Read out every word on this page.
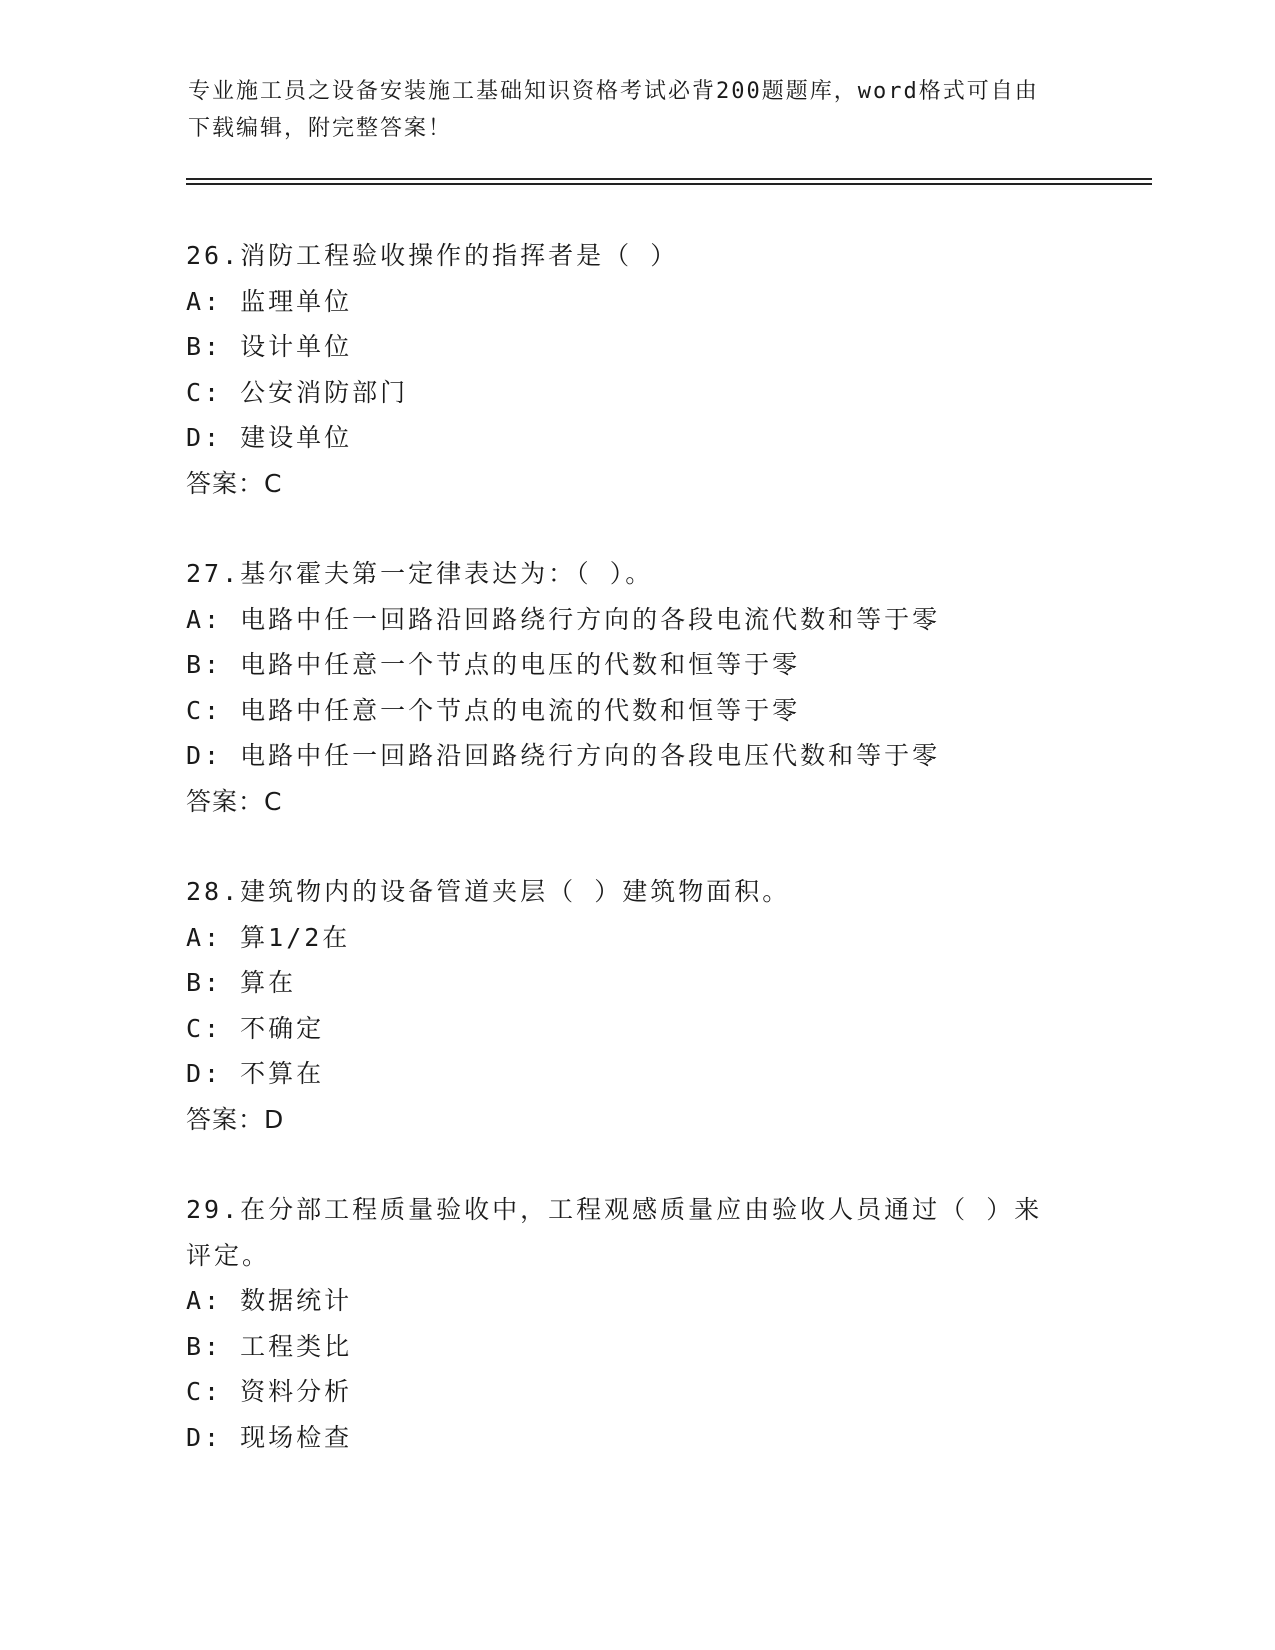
专业施工员之设备安装施工基础知识资格考试必背200题题库，word格式可自由
下载编辑，附完整答案！
26.消防工程验收操作的指挥者是（ ）
A: 监理单位
B: 设计单位
C: 公安消防部门
D: 建设单位
答案：C
27.基尔霍夫第一定律表达为：（ ）。
A: 电路中任一回路沿回路绕行方向的各段电流代数和等于零
B: 电路中任意一个节点的电压的代数和恒等于零
C: 电路中任意一个节点的电流的代数和恒等于零
D: 电路中任一回路沿回路绕行方向的各段电压代数和等于零
答案：C
28.建筑物内的设备管道夹层（ ）建筑物面积。
A: 算1/2在
B: 算在
C: 不确定
D: 不算在
答案：D
29.在分部工程质量验收中，工程观感质量应由验收人员通过（ ）来
评定。
A: 数据统计
B: 工程类比
C: 资料分析
D: 现场检查
